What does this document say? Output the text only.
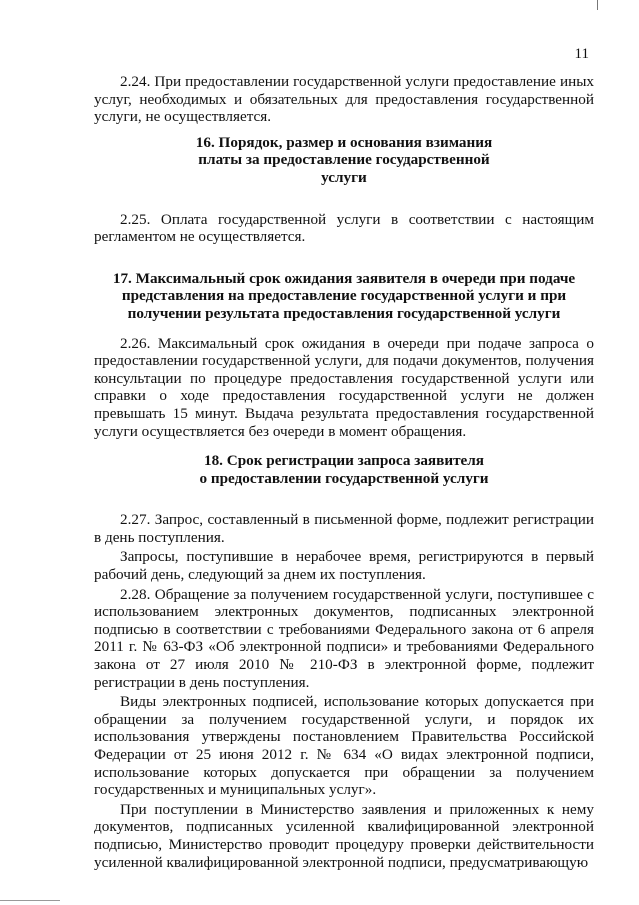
11

2.24. При предоставлении государственной услуги предоставление иных услуг, необходимых и обязательных для предоставления государственной услуги, не осуществляется.

16. Порядок, размер и основания взимания
платы за предоставление государственной
услуги

2.25. Оплата государственной услуги в соответствии с настоящим регламентом не осуществляется.

17. Максимальный срок ожидания заявителя в очереди при подаче
представления на предоставление государственной услуги и при
получении результата предоставления государственной услуги

2.26. Максимальный срок ожидания в очереди при подаче запроса о предоставлении государственной услуги, для подачи документов, получения консультации по процедуре предоставления государственной услуги или справки о ходе предоставления государственной услуги не должен превышать 15 минут. Выдача результата предоставления государственной услуги осуществляется без очереди в момент обращения.

18. Срок регистрации запроса заявителя
о предоставлении государственной услуги

2.27. Запрос, составленный в письменной форме, подлежит регистрации в день поступления.

Запросы, поступившие в нерабочее время, регистрируются в первый рабочий день, следующий за днем их поступления.

2.28. Обращение за получением государственной услуги, поступившее с использованием электронных документов, подписанных электронной подписью в соответствии с требованиями Федерального закона от 6 апреля 2011 г. № 63-ФЗ «Об электронной подписи» и требованиями Федерального закона от 27 июля 2010 № 210-ФЗ в электронной форме, подлежит регистрации в день поступления.

Виды электронных подписей, использование которых допускается при обращении за получением государственной услуги, и порядок их использования утверждены постановлением Правительства Российской Федерации от 25 июня 2012 г. № 634 «О видах электронной подписи, использование которых допускается при обращении за получением государственных и муниципальных услуг».

При поступлении в Министерство заявления и приложенных к нему документов, подписанных усиленной квалифицированной электронной подписью, Министерство проводит процедуру проверки действительности усиленной квалифицированной электронной подписи, предусматривающую
